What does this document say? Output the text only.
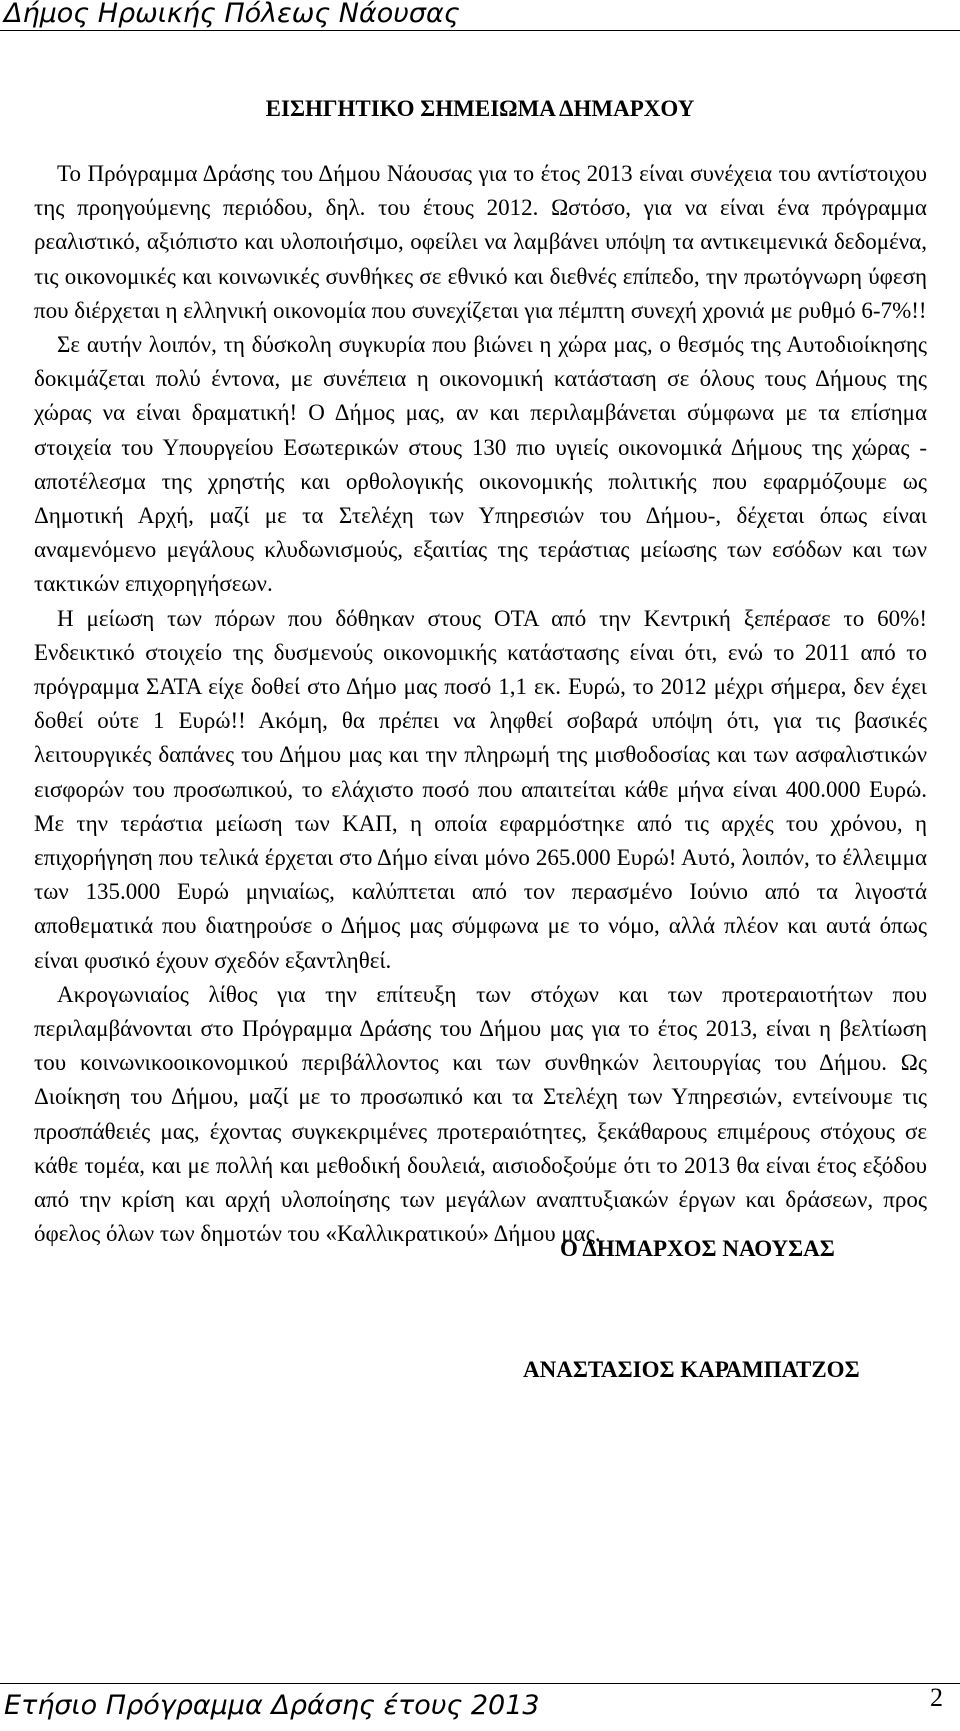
Δήμος Ηρωικής Πόλεως Νάουσας
ΕΙΣΗΓΗΤΙΚΟ ΣΗΜΕΙΩΜΑ ΔΗΜΑΡΧΟΥ

Το Πρόγραμμα Δράσης του Δήμου Νάουσας για το έτος 2013 είναι συνέχεια του αντίστοιχου της προηγούμενης περιόδου, δηλ. του έτους 2012. Ωστόσο, για να είναι ένα πρόγραμμα ρεαλιστικό, αξιόπιστο και υλοποιήσιμο, οφείλει να λαμβάνει υπόψη τα αντικειμενικά δεδομένα, τις οικονομικές και κοινωνικές συνθήκες σε εθνικό και διεθνές επίπεδο, την πρωτόγνωρη ύφεση που διέρχεται η ελληνική οικονομία που συνεχίζεται για πέμπτη συνεχή χρονιά με ρυθμό 6-7%!!

Σε αυτήν λοιπόν, τη δύσκολη συγκυρία που βιώνει η χώρα μας, ο θεσμός της Αυτοδιοίκησης δοκιμάζεται πολύ έντονα, με συνέπεια η οικονομική κατάσταση σε όλους τους Δήμους της χώρας να είναι δραματική! Ο Δήμος μας, αν και περιλαμβάνεται σύμφωνα με τα επίσημα στοιχεία του Υπουργείου Εσωτερικών στους 130 πιο υγιείς οικονομικά Δήμους της χώρας - αποτέλεσμα της χρηστής και ορθολογικής οικονομικής πολιτικής που εφαρμόζουμε ως Δημοτική Αρχή, μαζί με τα Στελέχη των Υπηρεσιών του Δήμου-, δέχεται όπως είναι αναμενόμενο μεγάλους κλυδωνισμούς, εξαιτίας της τεράστιας μείωσης των εσόδων και των τακτικών επιχορηγήσεων.

Η μείωση των πόρων που δόθηκαν στους ΟΤΑ από την Κεντρική ξεπέρασε το 60%! Ενδεικτικό στοιχείο της δυσμενούς οικονομικής κατάστασης είναι ότι, ενώ το 2011 από το πρόγραμμα ΣΑΤΑ είχε δοθεί στο Δήμο μας ποσό 1,1 εκ. Ευρώ, το 2012 μέχρι σήμερα, δεν έχει δοθεί ούτε 1 Ευρώ!! Ακόμη, θα πρέπει να ληφθεί σοβαρά υπόψη ότι, για τις βασικές λειτουργικές δαπάνες του Δήμου μας και την πληρωμή της μισθοδοσίας και των ασφαλιστικών εισφορών του προσωπικού, το ελάχιστο ποσό που απαιτείται κάθε μήνα είναι 400.000 Ευρώ. Με την τεράστια μείωση των ΚΑΠ, η οποία εφαρμόστηκε από τις αρχές του χρόνου, η επιχορήγηση που τελικά έρχεται στο Δήμο είναι μόνο 265.000 Ευρώ! Αυτό, λοιπόν, το έλλειμμα των 135.000 Ευρώ μηνιαίως, καλύπτεται από τον περασμένο Ιούνιο από τα λιγοστά αποθεματικά που διατηρούσε ο Δήμος μας σύμφωνα με το νόμο, αλλά πλέον και αυτά όπως είναι φυσικό έχουν σχεδόν εξαντληθεί.

Ακρογωνιαίος λίθος για την επίτευξη των στόχων και των προτεραιοτήτων που περιλαμβάνονται στο Πρόγραμμα Δράσης του Δήμου μας για το έτος 2013, είναι η βελτίωση του κοινωνικοοικονομικού περιβάλλοντος και των συνθηκών λειτουργίας του Δήμου. Ως Διοίκηση του Δήμου, μαζί με το προσωπικό και τα Στελέχη των Υπηρεσιών, εντείνουμε τις προσπάθειές μας, έχοντας συγκεκριμένες προτεραιότητες, ξεκάθαρους επιμέρους στόχους σε κάθε τομέα, και με πολλή και μεθοδική δουλειά, αισιοδοξούμε ότι το 2013 θα είναι έτος εξόδου από την κρίση και αρχή υλοποίησης των μεγάλων αναπτυξιακών έργων και δράσεων, προς όφελος όλων των δημοτών του «Καλλικρατικού» Δήμου μας.

Ο ΔΗΜΑΡΧΟΣ ΝΑΟΥΣΑΣ
ΑΝΑΣΤΑΣΙΟΣ ΚΑΡΑΜΠΑΤΖΟΣ
Ετήσιο Πρόγραμμα Δράσης έτους 2013	2
